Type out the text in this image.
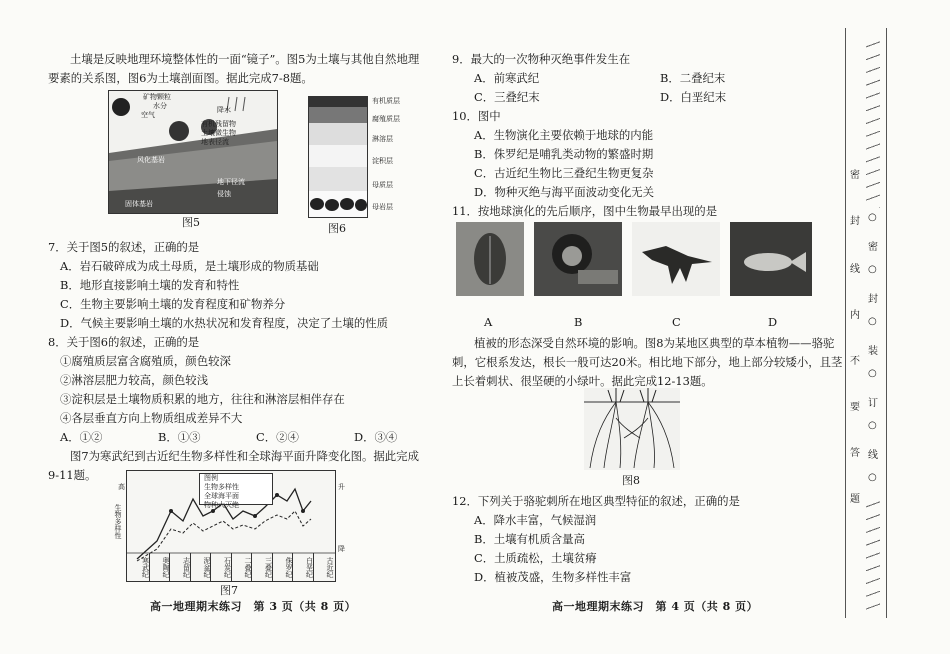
土壤是反映地理环境整体性的一面“镜子”。图5为土壤与其他自然地理
要素的关系图，图6为土壤剖面图。据此完成7-8题。
矿物颗粒
水分
空气
降水
有机残留物
土壤微生物
地表径流
风化基岩
地下径流
侵蚀
固体基岩
图5
有机质层
腐殖质层
淋溶层
淀积层
母质层
母岩层
图6
7．关于图5的叙述，正确的是
A．岩石破碎成为成土母质，是土壤形成的物质基础
B．地形直接影响土壤的发育和特性
C．生物主要影响土壤的发育程度和矿物养分
D．气候主要影响土壤的水热状况和发育程度，决定了土壤的性质
8．关于图6的叙述，正确的是
①腐殖质层富含腐殖质，颜色较深
②淋溶层肥力较高，颜色较浅
③淀积层是土壤物质积累的地方，往往和淋溶层相伴存在
④各层垂直方向上物质组成差异不大
A．①②	B．①③	C．②④	D．③④
图7为寒武纪到古近纪生物多样性和全球海平面升降变化图。据此完成
9-11题。	图例
生物多样性
全球海平面
物种大灭绝
寒武纪	奥陶纪	志留纪	泥盆纪	石炭纪	二叠纪	三叠纪	侏罗纪	白垩纪	古近纪
高
生物多样性
升
降
图7
高一地理期末练习　第 3 页（共 8 页）
9．最大的一次物种灭绝事件发生在
A．前寒武纪	B．二叠纪末
C．三叠纪末	D．白垩纪末
10．图中
A．生物演化主要依赖于地球的内能
B．侏罗纪是哺乳类动物的繁盛时期
C．古近纪生物比三叠纪生物更复杂
D．物种灭绝与海平面波动变化无关
11．按地球演化的先后顺序，图中生物最早出现的是
A	B	C	D
植被的形态深受自然环境的影响。图8为某地区典型的草本植物——骆驼
刺，它根系发达，根长一般可达20米。相比地下部分，地上部分较矮小，且茎
上长着刺状、很坚硬的小绿叶。据此完成12-13题。
图8
12．下列关于骆驼刺所在地区典型特征的叙述，正确的是
A．降水丰富，气候湿润
B．土壤有机质含量高
C．土质疏松，土壤贫瘠
D．植被茂盛，生物多样性丰富
高一地理期末练习　第 4 页（共 8 页）
密
封
线
内
不
要
答
题
○
密
○
封
○
装
○
订
○
线
○
